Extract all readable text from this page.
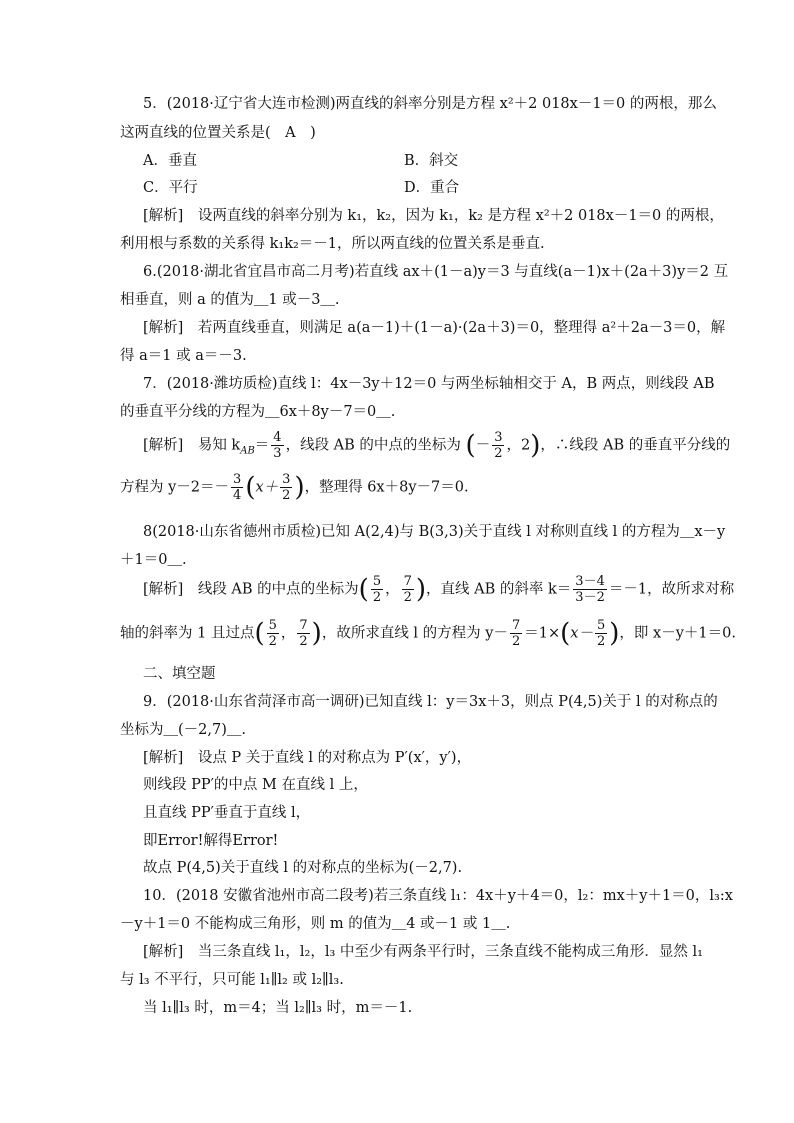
5．(2018·辽宁省大连市检测)两直线的斜率分别是方程 x²＋2 018x－1＝0 的两根，那么
这两直线的位置关系是(　A　)
A．垂直	B．斜交
C．平行	D．重合
[解析]　设两直线的斜率分别为 k₁，k₂，因为 k₁，k₂ 是方程 x²＋2 018x－1＝0 的两根，
利用根与系数的关系得 k₁k₂＝－1，所以两直线的位置关系是垂直.
6.(2018·湖北省宜昌市高二月考)若直线 ax＋(1－a)y＝3 与直线(a－1)x＋(2a＋3)y＝2 互
相垂直，则 a 的值为＿1 或－3＿.
[解析]　若两直线垂直，则满足 a(a－1)＋(1－a)·(2a＋3)＝0，整理得 a²＋2a－3＝0，解
得 a＝1 或 a＝－3.
7．(2018·潍坊质检)直线 l：4x－3y＋12＝0 与两坐标轴相交于 A，B 两点，则线段 AB
的垂直平分线的方程为＿6x＋8y－7＝0＿.
8(2018·山东省德州市质检)已知 A(2,4)与 B(3,3)关于直线 l 对称则直线 l 的方程为＿x－y
＋1＝0＿.
二、填空题
9．(2018·山东省菏泽市高一调研)已知直线 l：y＝3x＋3，则点 P(4,5)关于 l 的对称点的
坐标为＿(－2,7)＿.
[解析]　设点 P 关于直线 l 的对称点为 P′(x′，y′)，
则线段 PP′的中点 M 在直线 l 上，
且直线 PP′垂直于直线 l，
即Error!解得Error!
故点 P(4,5)关于直线 l 的对称点的坐标为(－2,7).
10．(2018 安徽省池州市高二段考)若三条直线 l₁：4x＋y＋4＝0，l₂：mx＋y＋1＝0，l₃:x
－y＋1＝0 不能构成三角形，则 m 的值为＿4 或－1 或 1＿.
[解析]　当三条直线 l₁，l₂，l₃ 中至少有两条平行时，三条直线不能构成三角形．显然 l₁
与 l₃ 不平行，只可能 l₁∥l₂ 或 l₂∥l₃.
当 l₁∥l₃ 时，m＝4；当 l₂∥l₃ 时，m＝－1.
[解析]　易知 $k_{AB}= \frac{4}{3}$ ，线段 AB 的中点的坐标为 (－ $\frac{3}{2}$ ，2)，∴线段 AB 的垂直平分线的
方程为 $y-2=- \frac{3}{4} (x+ \frac{3}{2}$ )，整理得 6x＋8y－7＝0.
[解析]　线段 AB 的中点的坐标为( $\frac{5}{2}$ ， $\frac{7}{2}$ )，直线 AB 的斜率 $k= \frac{3-4}{3-2} =-1$，故所求对称
轴的斜率为 1 且过点( $\frac{5}{2}$ ， $\frac{7}{2}$ )，故所求直线 l 的方程为 $y- \frac{7}{2} =1\times(x- \frac{5}{2}$ )，即 x－y＋1＝0.
